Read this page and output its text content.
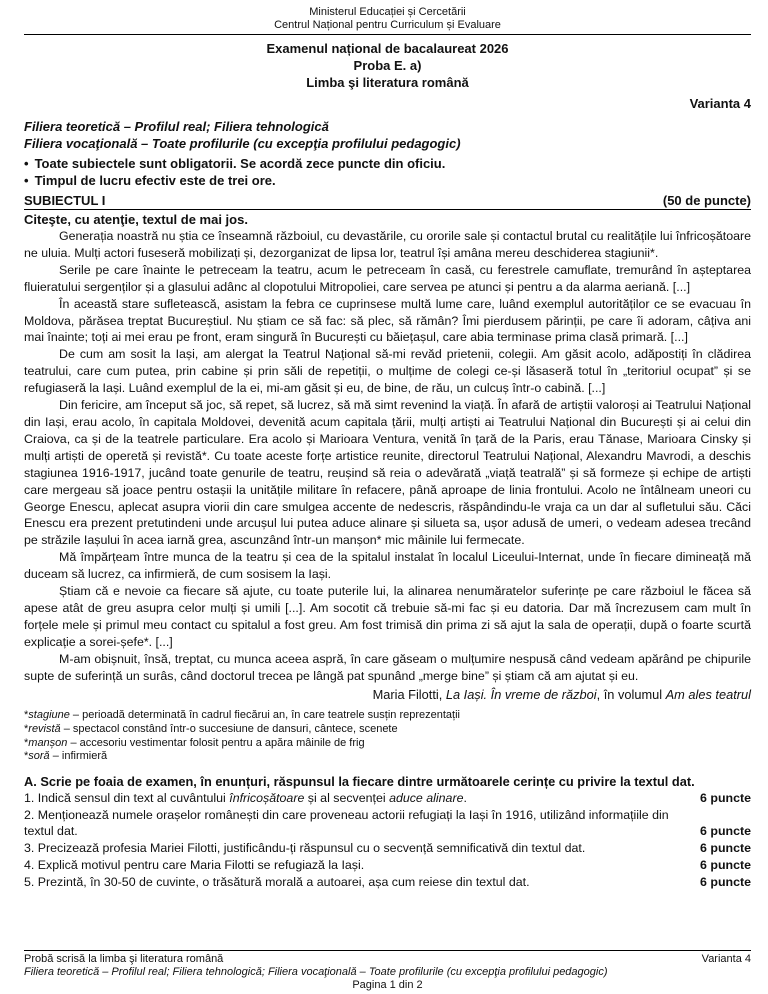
Ministerul Educației și Cercetării
Centrul Național pentru Curriculum și Evaluare
Examenul național de bacalaureat 2026
Proba E. a)
Limba şi literatura română
Varianta 4
Filiera teoretică – Profilul real; Filiera tehnologică
Filiera vocaţională – Toate profilurile (cu excepţia profilului pedagogic)
• Toate subiectele sunt obligatorii. Se acordă zece puncte din oficiu.
• Timpul de lucru efectiv este de trei ore.
SUBIECTUL I	(50 de puncte)
Citeşte, cu atenţie, textul de mai jos.

Generația noastră nu știa ce înseamnă războiul, cu devastările, cu ororile sale și contactul brutal cu realitățile lui înfricoșătoare ne uluia. Mulți actori fuseseră mobilizați și, dezorganizat de lipsa lor, teatrul își amâna mereu deschiderea stagiunii*.

Serile pe care înainte le petreceam la teatru, acum le petreceam în casă, cu ferestrele camuflate, tremurând în așteptarea fluieratului sergenților și a glasului adânc al clopotului Mitropoliei, care servea pe atunci și pentru a da alarma aeriană. [...]

În această stare sufletească, asistam la febra ce cuprinsese multă lume care, luând exemplul autorităților ce se evacuau în Moldova, părăsea treptat Bucureștiul. Nu știam ce să fac: să plec, să rămân? Îmi pierdusem părinții, pe care îi adoram, câțiva ani mai înainte; toți ai mei erau pe front, eram singură în București cu băiețașul, care abia terminase prima clasă primară. [...]

De cum am sosit la Iași, am alergat la Teatrul Național să-mi revăd prietenii, colegii. Am găsit acolo, adăpostiți în clădirea teatrului, care cum putea, prin cabine și prin săli de repetiții, o mulțime de colegi ce-și lăsaseră totul în „teritoriul ocupat” și se refugiaseră la Iași. Luând exemplul de la ei, mi-am găsit și eu, de bine, de rău, un culcuș într-o cabină. [...]

Din fericire, am început să joc, să repet, să lucrez, să mă simt revenind la viață. În afară de artiștii valoroși ai Teatrului Național din Iași, erau acolo, în capitala Moldovei, devenită acum capitala țării, mulți artiști ai Teatrului Național din București și ai celui din Craiova, ca și de la teatrele particulare. Era acolo și Marioara Ventura, venită în țară de la Paris, erau Tănase, Marioara Cinsky și mulți artiști de operetă și revistă*. Cu toate aceste forțe artistice reunite, directorul Teatrului Național, Alexandru Mavrodi, a deschis stagiunea 1916-1917, jucând toate genurile de teatru, reușind să reia o adevărată „viață teatrală” și să formeze și echipe de artiști care mergeau să joace pentru ostașii la unitățile militare în refacere, până aproape de linia frontului. Acolo ne întâlneam uneori cu George Enescu, aplecat asupra viorii din care smulgea accente de nedescris, răspândindu-le vraja ca un dar al sufletului său. Căci Enescu era prezent pretutindeni unde arcușul lui putea aduce alinare și silueta sa, ușor adusă de umeri, o vedeam adesea trecând pe străzile Iașului în acea iarnă grea, ascunzând într-un manșon* mic mâinile lui fermecate.

Mă împărțeam între munca de la teatru și cea de la spitalul instalat în localul Liceului-Internat, unde în fiecare dimineață mă duceam să lucrez, ca infirmieră, de cum sosisem la Iași.

Știam că e nevoie ca fiecare să ajute, cu toate puterile lui, la alinarea nenumăratelor suferințe pe care războiul le făcea să apese atât de greu asupra celor mulți și umili [...]. Am socotit că trebuie să-mi fac și eu datoria. Dar mă încrezusem cam mult în forțele mele și primul meu contact cu spitalul a fost greu. Am fost trimisă din prima zi să ajut la sala de operații, după o foarte scurtă explicație a sorei-șefe*. [...]

M-am obișnuit, însă, treptat, cu munca aceea aspră, în care găseam o mulțumire nespusă când vedeam apărând pe chipurile supte de suferință un surâs, când doctorul trecea pe lângă pat spunând „merge bine” și știam că am ajutat și eu.

Maria Filotti, La Iași. În vreme de război, în volumul Am ales teatrul
*stagiune – perioadă determinată în cadrul fiecărui an, în care teatrele susțin reprezentații
*revistă – spectacol constând într-o succesiune de dansuri, cântece, scenete
*manșon – accesoriu vestimentar folosit pentru a apăra mâinile de frig
*soră – infirmieră
A. Scrie pe foaia de examen, în enunțuri, răspunsul la fiecare dintre următoarele cerințe cu privire la textul dat.
1. Indică sensul din text al cuvântului înfricoșătoare și al secvenței aduce alinare.	6 puncte
2. Menționează numele orașelor românești din care proveneau actorii refugiați la Iași în 1916, utilizând informațiile din
textul dat.	6 puncte
3. Precizează profesia Mariei Filotti, justificându-ți răspunsul cu o secvență semnificativă din textul dat.	6 puncte
4. Explică motivul pentru care Maria Filotti se refugiază la Iași.	6 puncte
5. Prezintă, în 30-50 de cuvinte, o trăsătură morală a autoarei, așa cum reiese din textul dat.	6 puncte
Probă scrisă la limba şi literatura română	Varianta 4
Filiera teoretică – Profilul real; Filiera tehnologică; Filiera vocaţională – Toate profilurile (cu excepţia profilului pedagogic)
Pagina 1 din 2
